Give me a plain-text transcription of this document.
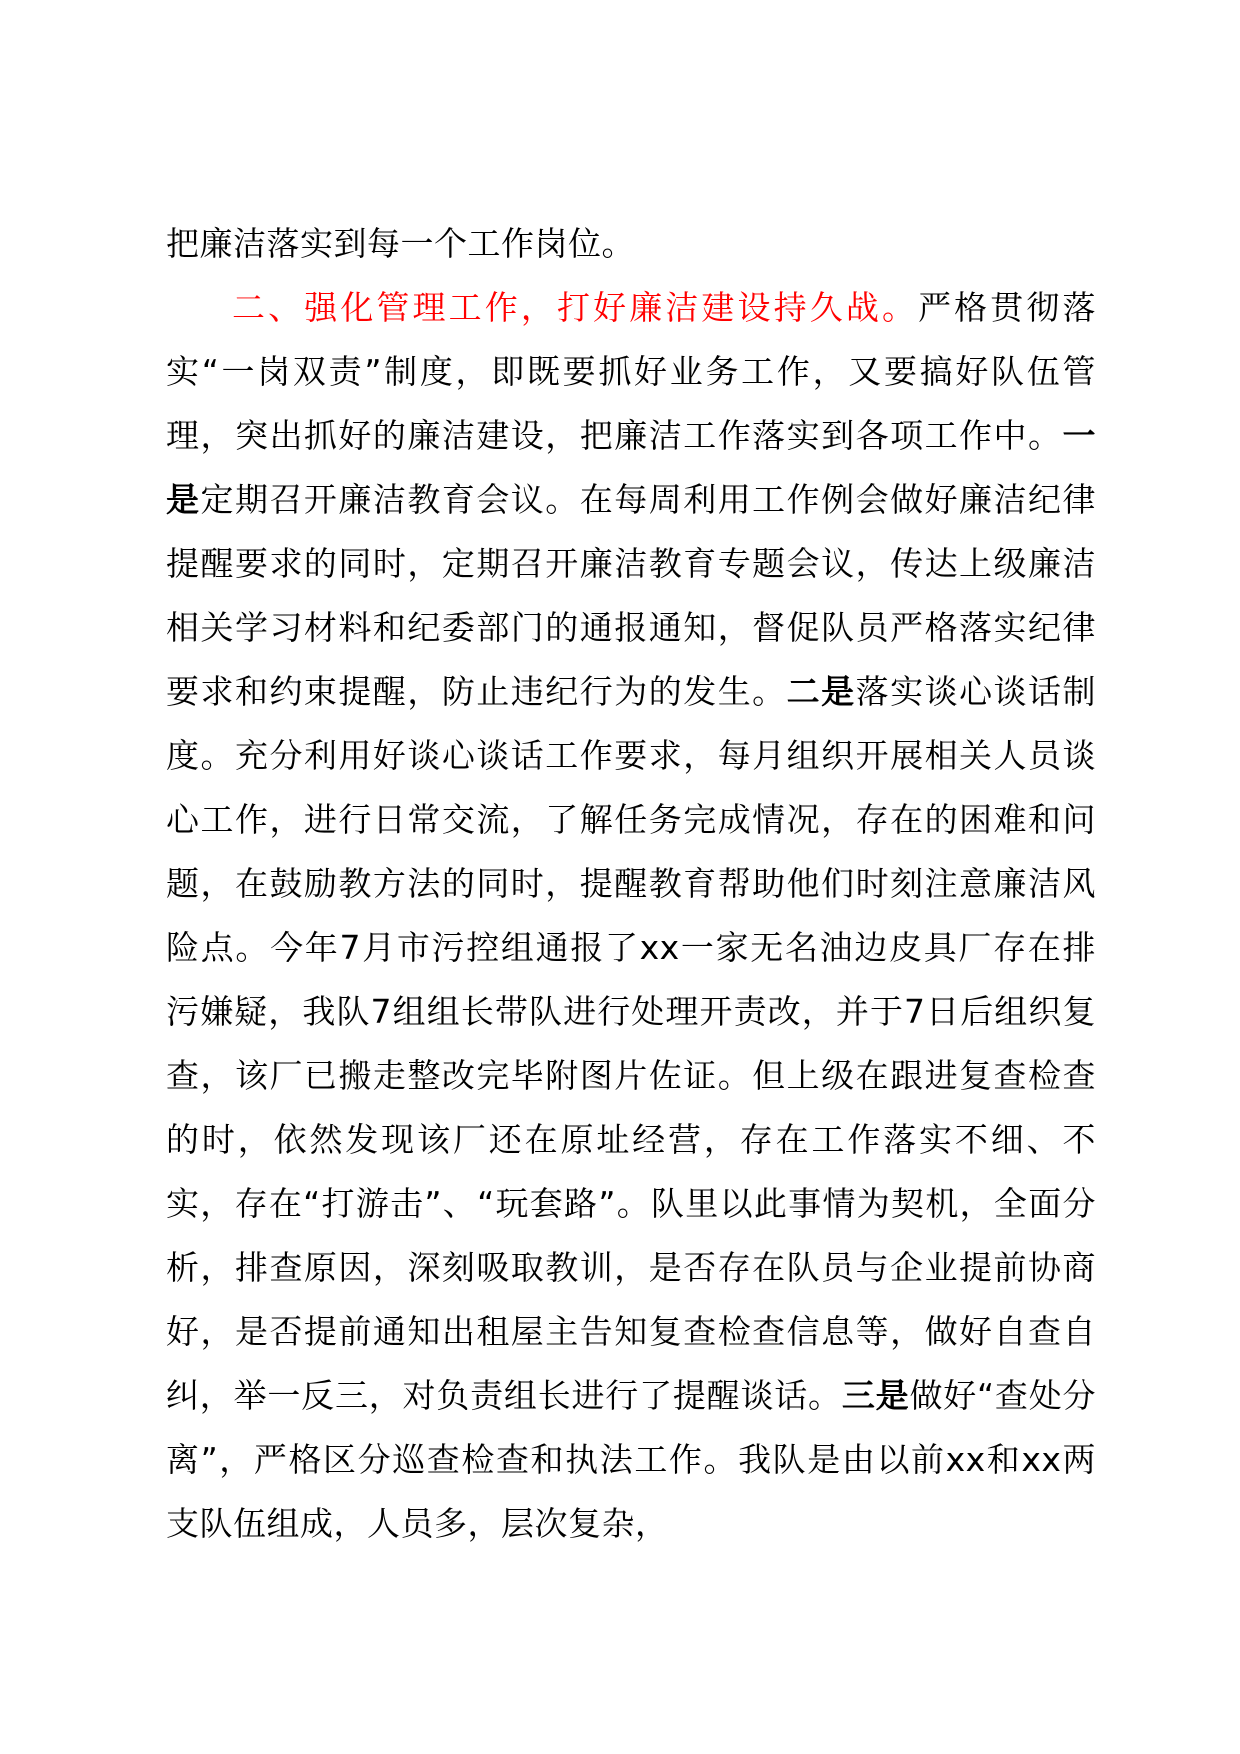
把廉洁落实到每一个工作岗位。

二、强化管理工作，打好廉洁建设持久战。严格贯彻落实“一岗双责”制度，即既要抓好业务工作，又要搞好队伍管理，突出抓好的廉洁建设，把廉洁工作落实到各项工作中。一是定期召开廉洁教育会议。在每周利用工作例会做好廉洁纪律提醒要求的同时，定期召开廉洁教育专题会议，传达上级廉洁相关学习材料和纪委部门的通报通知，督促队员严格落实纪律要求和约束提醒，防止违纪行为的发生。二是落实谈心谈话制度。充分利用好谈心谈话工作要求，每月组织开展相关人员谈心工作，进行日常交流，了解任务完成情况，存在的困难和问题，在鼓励教方法的同时，提醒教育帮助他们时刻注意廉洁风险点。今年7月市污控组通报了xx一家无名油边皮具厂存在排污嫌疑，我队7组组长带队进行处理开责改，并于7日后组织复查，该厂已搬走整改完毕附图片佐证。但上级在跟进复查检查的时，依然发现该厂还在原址经营，存在工作落实不细、不实，存在“打游击”、“玩套路”。队里以此事情为契机，全面分析，排查原因，深刻吸取教训，是否存在队员与企业提前协商好，是否提前通知出租屋主告知复查检查信息等，做好自查自纠，举一反三，对负责组长进行了提醒谈话。三是做好“查处分离”，严格区分巡查检查和执法工作。我队是由以前xx和xx两支队伍组成，人员多，层次复杂，
